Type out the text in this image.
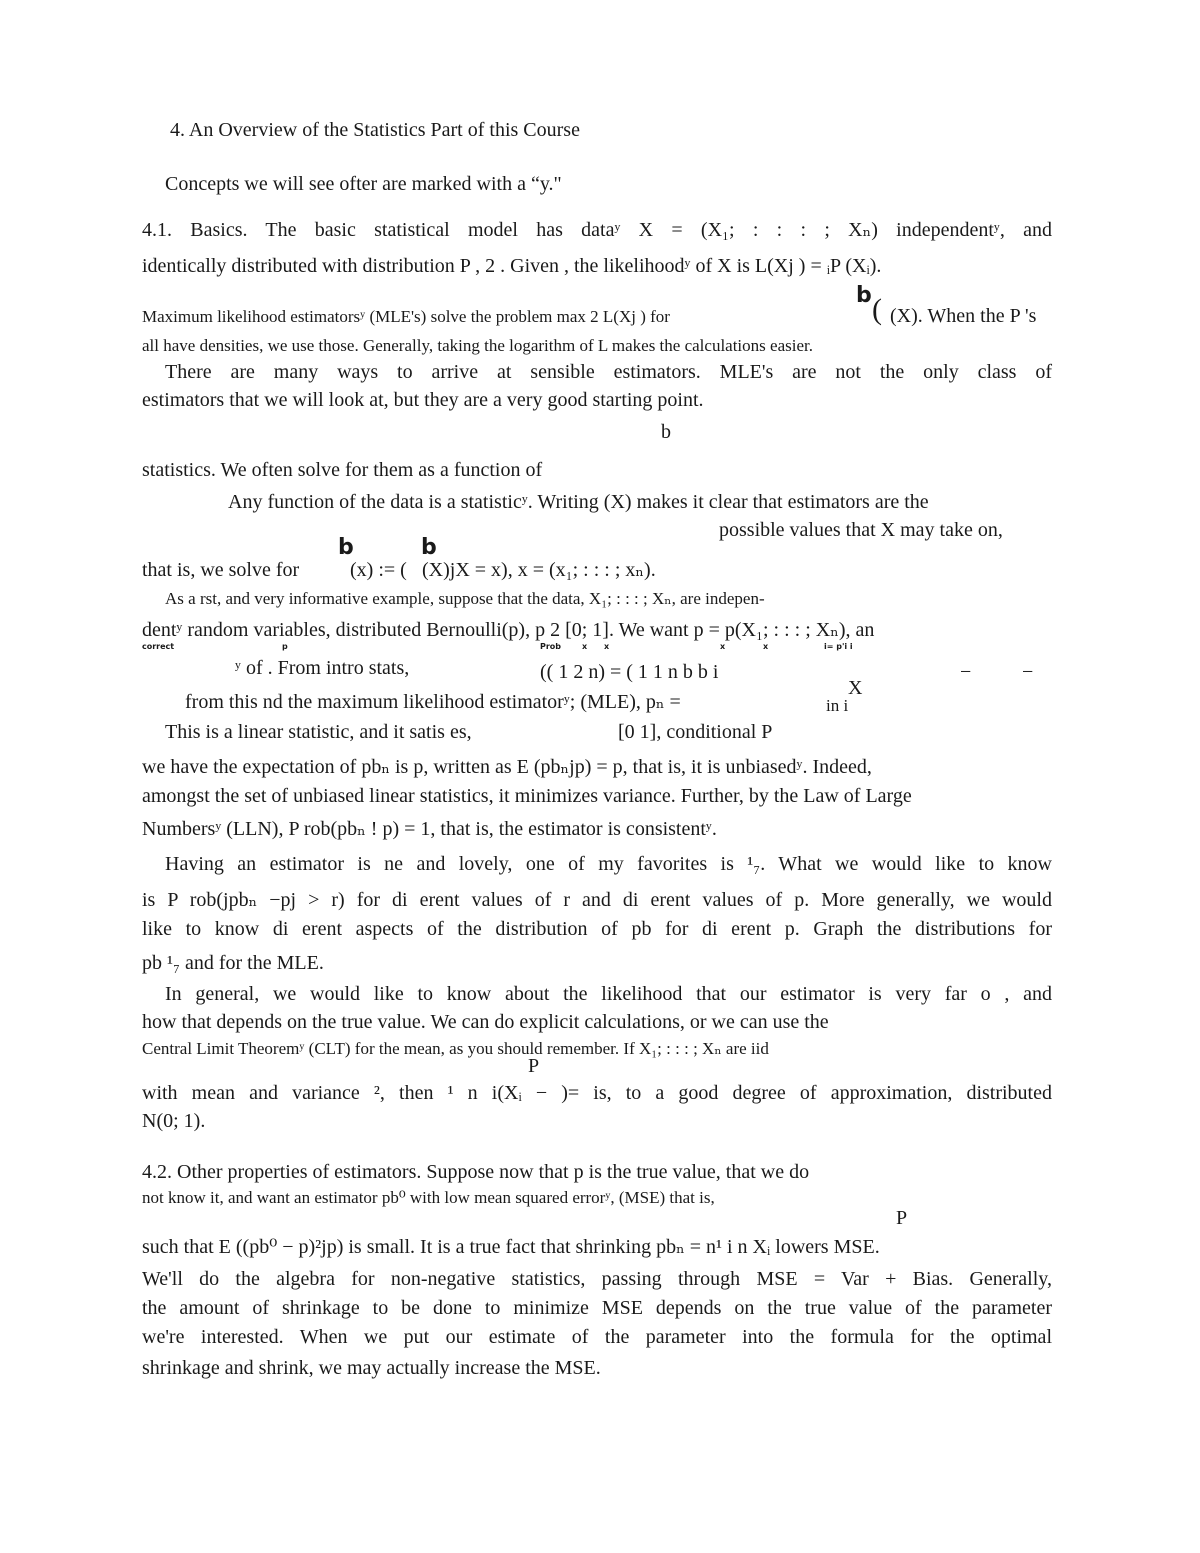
4. An Overview of the Statistics Part of this Course
Concepts we will see ofter are marked with a “y."
4.1. Basics. The basic statistical model has dataʸ X = (X₁; : : : ; Xₙ) independentʸ, and
identically distributed with distribution P , 2 . Given , the likelihoodʸ of X is L(Xj ) = ᵢP (Xᵢ).
b
Maximum likelihood estimatorsʸ (MLE's) solve the problem max 2 L(Xj ) for	( (X). When the P 's
all have densities, we use those. Generally, taking the logarithm of L makes the calculations easier.
There are many ways to arrive at sensible estimators. MLE's are not the only class of
estimators that we will look at, but they are a very good starting point.
b
statistics. We often solve for them as a function of
Any function of the data is a statisticʸ. Writing (X) makes it clear that estimators are the
possible values that X may take on,
b	b
that is, we solve for	(x) := ( (X)jX = x), x = (x₁; : : : ; xₙ).
As a rst, and very informative example, suppose that the data, X₁; : : : ; Xₙ, are indepen-
dentʸ random variables, distributed Bernoulli(p), p 2 [0; 1]. We want p = p(X₁; : : : ; Xₙ), an
correct	p	Prob	x x	x	x	i= p'i i
ʸ of . From intro stats,	(( 1 2 n) = ( 1 1 n b b i	−	−
X
from this nd the maximum likelihood estimatorʸ; (MLE), pₙ =	in i
This is a linear statistic, and it satis es,	[0 1], conditional P
we have the expectation of pbₙ is p, written as E (pbₙjp) = p, that is, it is unbiasedʸ. Indeed,
amongst the set of unbiased linear statistics, it minimizes variance. Further, by the Law of Large
Numbersʸ (LLN), P rob(pbₙ ! p) = 1, that is, the estimator is consistentʸ.
Having an estimator is ne and lovely, one of my favorites is ¹₇. What we would like to know
is P rob(jpbₙ −pj > r) for di erent values of r and di erent values of p. More generally, we would
like to know di erent aspects of the distribution of pb for di erent p. Graph the distributions for
pb ¹₇ and for the MLE.
In general, we would like to know about the likelihood that our estimator is very far o , and
how that depends on the true value. We can do explicit calculations, or we can use the
Central Limit Theoremʸ (CLT) for the mean, as you should remember. If X₁; : : : ; Xₙ are iid
P
with mean and variance ², then ¹ n i(Xᵢ − )= is, to a good degree of approximation, distributed
N(0; 1).
4.2. Other properties of estimators. Suppose now that p is the true value, that we do
not know it, and want an estimator pb⁰ with low mean squared errorʸ, (MSE) that is,
P
such that E ((pb⁰ − p)²jp) is small. It is a true fact that shrinking pbₙ = n¹ i n Xᵢ lowers MSE.
We'll do the algebra for non-negative statistics, passing through MSE = Var + Bias. Generally,
the amount of shrinkage to be done to minimize MSE depends on the true value of the parameter
we're interested. When we put our estimate of the parameter into the formula for the optimal
shrinkage and shrink, we may actually increase the MSE.
